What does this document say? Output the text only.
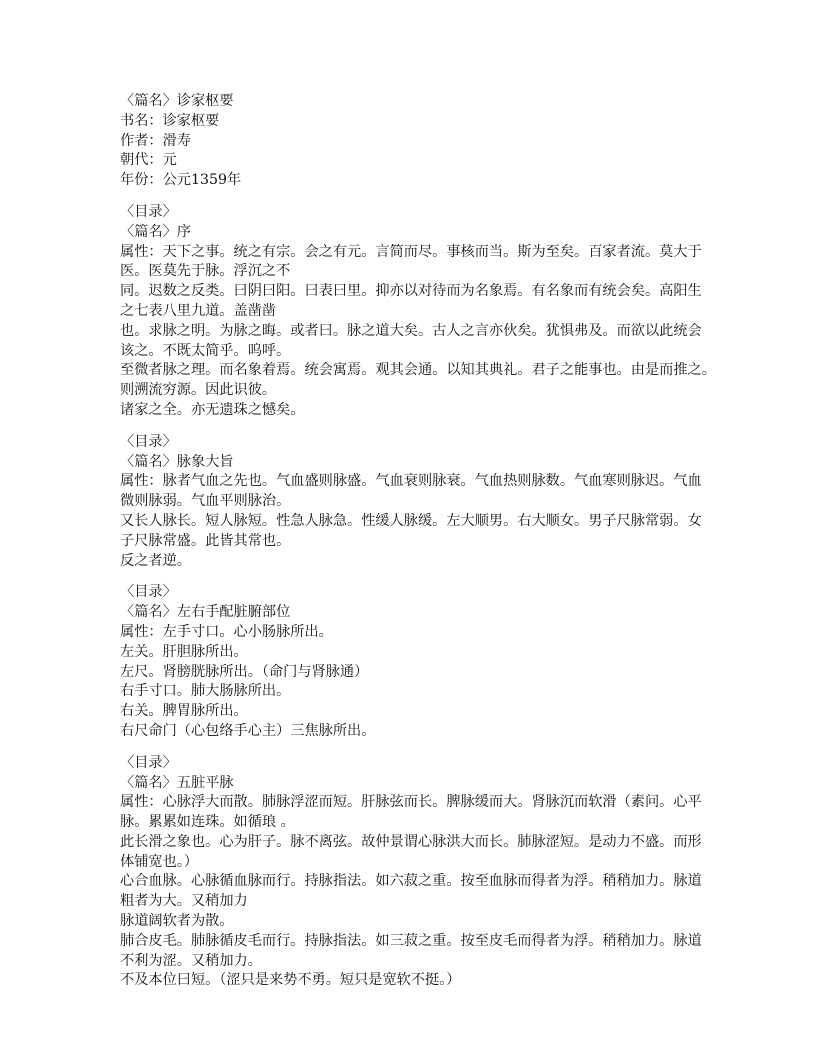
〈篇名〉诊家枢要
书名：诊家枢要
作者：滑寿
朝代：元
年份：公元1359年
〈目录〉
〈篇名〉序
属性：天下之事。统之有宗。会之有元。言简而尽。事核而当。斯为至矣。百家者流。莫大于
医。医莫先于脉。浮沉之不
同。迟数之反类。曰阴曰阳。曰表曰里。抑亦以对待而为名象焉。有名象而有统会矣。高阳生
之七表八里九道。盖凿凿
也。求脉之明。为脉之晦。或者曰。脉之道大矣。古人之言亦伙矣。犹惧弗及。而欲以此统会
该之。不既太简乎。呜呼。
至微者脉之理。而名象着焉。统会寓焉。观其会通。以知其典礼。君子之能事也。由是而推之。
则溯流穷源。因此识彼。
诸家之全。亦无遗珠之憾矣。
〈目录〉
〈篇名〉脉象大旨
属性：脉者气血之先也。气血盛则脉盛。气血衰则脉衰。气血热则脉数。气血寒则脉迟。气血
微则脉弱。气血平则脉治。
又长人脉长。短人脉短。性急人脉急。性缓人脉缓。左大顺男。右大顺女。男子尺脉常弱。女
子尺脉常盛。此皆其常也。
反之者逆。
〈目录〉
〈篇名〉左右手配脏腑部位
属性：左手寸口。心小肠脉所出。
左关。肝胆脉所出。
左尺。肾膀胱脉所出。（命门与肾脉通）
右手寸口。肺大肠脉所出。
右关。脾胃脉所出。
右尺命门（心包络手心主）三焦脉所出。
〈目录〉
〈篇名〉五脏平脉
属性：心脉浮大而散。肺脉浮涩而短。肝脉弦而长。脾脉缓而大。肾脉沉而软滑（素问。心平
脉。累累如连珠。如循琅 。
此长滑之象也。心为肝子。脉不离弦。故仲景谓心脉洪大而长。肺脉涩短。是动力不盛。而形
体铺宽也。）
心合血脉。心脉循血脉而行。持脉指法。如六菽之重。按至血脉而得者为浮。稍稍加力。脉道
粗者为大。又稍加力
脉道阔软者为散。
肺合皮毛。肺脉循皮毛而行。持脉指法。如三菽之重。按至皮毛而得者为浮。稍稍加力。脉道
不利为涩。又稍加力。
不及本位曰短。（涩只是来势不勇。短只是宽软不挺。）
